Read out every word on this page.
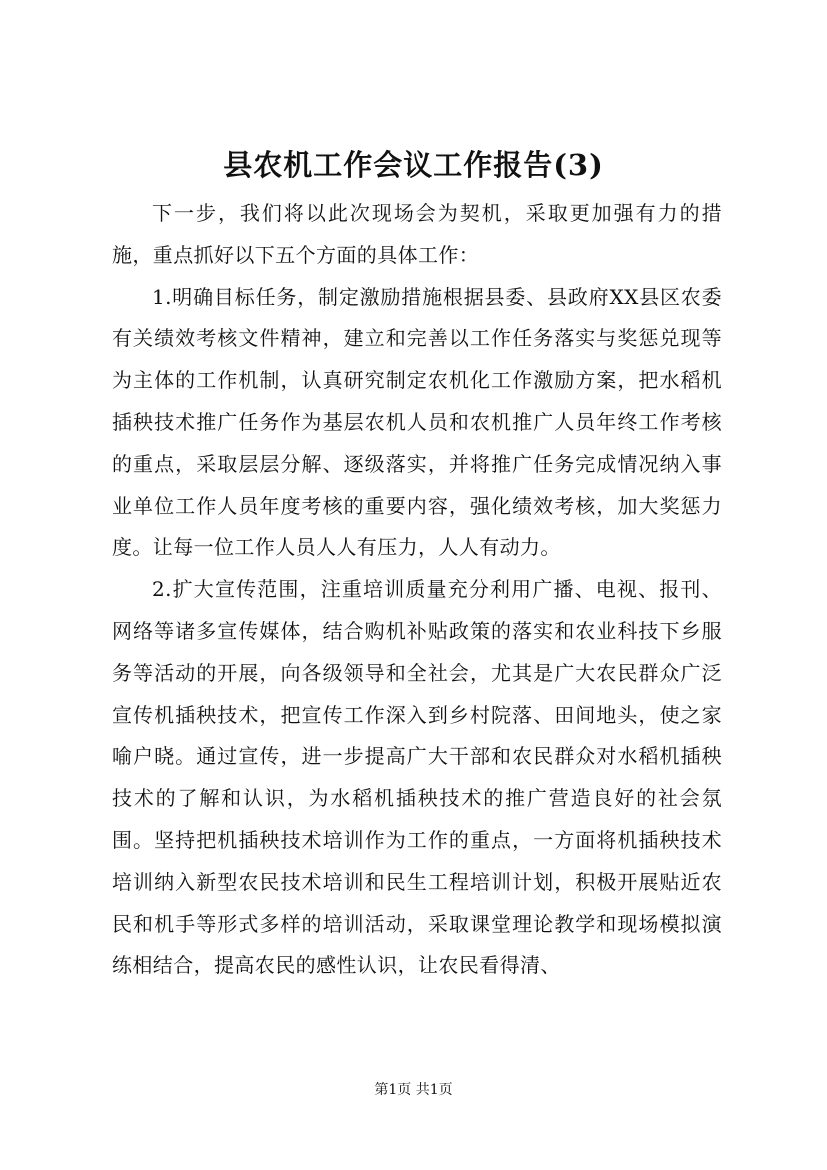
县农机工作会议工作报告(3)

下一步，我们将以此次现场会为契机，采取更加强有力的措施，重点抓好以下五个方面的具体工作：

1.明确目标任务，制定激励措施根据县委、县政府XX县区农委有关绩效考核文件精神，建立和完善以工作任务落实与奖惩兑现等为主体的工作机制，认真研究制定农机化工作激励方案，把水稻机插秧技术推广任务作为基层农机人员和农机推广人员年终工作考核的重点，采取层层分解、逐级落实，并将推广任务完成情况纳入事业单位工作人员年度考核的重要内容，强化绩效考核，加大奖惩力度。让每一位工作人员人人有压力，人人有动力。

2.扩大宣传范围，注重培训质量充分利用广播、电视、报刊、网络等诸多宣传媒体，结合购机补贴政策的落实和农业科技下乡服务等活动的开展，向各级领导和全社会，尤其是广大农民群众广泛宣传机插秧技术，把宣传工作深入到乡村院落、田间地头，使之家喻户晓。通过宣传，进一步提高广大干部和农民群众对水稻机插秧技术的了解和认识，为水稻机插秧技术的推广营造良好的社会氛围。坚持把机插秧技术培训作为工作的重点，一方面将机插秧技术培训纳入新型农民技术培训和民生工程培训计划，积极开展贴近农民和机手等形式多样的培训活动，采取课堂理论教学和现场模拟演练相结合，提高农民的感性认识，让农民看得清、

第1页 共1页
